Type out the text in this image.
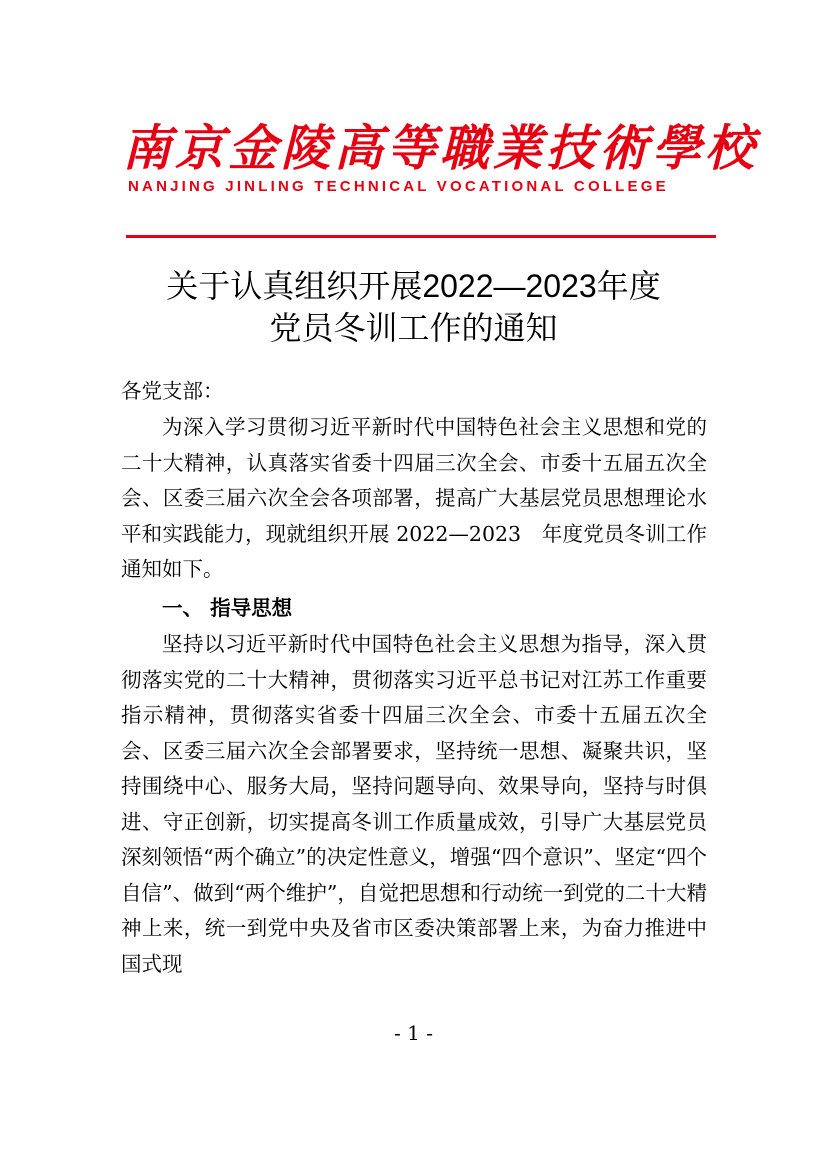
南京金陵高等職業技術學校
NANJING JINLING TECHNICAL VOCATIONAL COLLEGE
关于认真组织开展2022—2023年度
党员冬训工作的通知
各党支部：
为深入学习贯彻习近平新时代中国特色社会主义思想和党的二十大精神，认真落实省委十四届三次全会、市委十五届五次全会、区委三届六次全会各项部署，提高广大基层党员思想理论水平和实践能力，现就组织开展 2022—2023　年度党员冬训工作通知如下。
一、 指导思想
坚持以习近平新时代中国特色社会主义思想为指导，深入贯彻落实党的二十大精神，贯彻落实习近平总书记对江苏工作重要指示精神，贯彻落实省委十四届三次全会、市委十五届五次全会、区委三届六次全会部署要求，坚持统一思想、凝聚共识，坚持围绕中心、服务大局，坚持问题导向、效果导向，坚持与时俱进、守正创新，切实提高冬训工作质量成效，引导广大基层党员深刻领悟“两个确立”的决定性意义，增强“四个意识”、坚定“四个自信”、做到“两个维护”，自觉把思想和行动统一到党的二十大精神上来，统一到党中央及省市区委决策部署上来，为奋力推进中国式现
- 1 -
